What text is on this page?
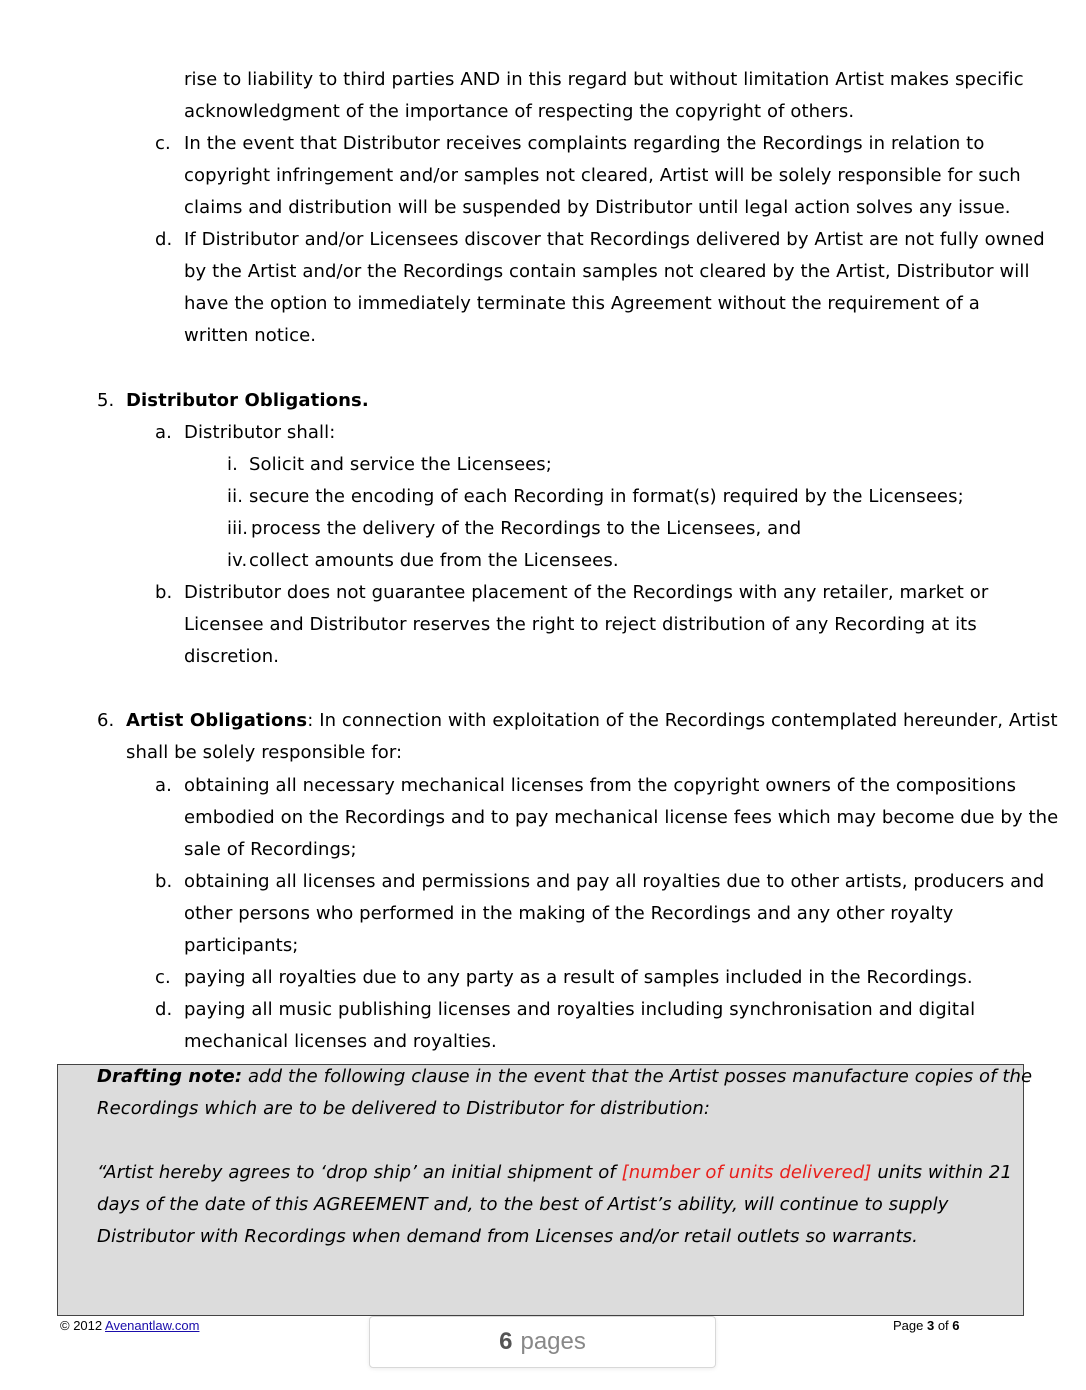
rise to liability to third parties AND in this regard but without limitation Artist makes specific
acknowledgment of the importance of respecting the copyright of others.
c. In the event that Distributor receives complaints regarding the Recordings in relation to
copyright infringement and/or samples not cleared, Artist will be solely responsible for such
claims and distribution will be suspended by Distributor until legal action solves any issue.
d. If Distributor and/or Licensees discover that Recordings delivered by Artist are not fully owned
by the Artist and/or the Recordings contain samples not cleared by the Artist, Distributor will
have the option to immediately terminate this Agreement without the requirement of a
written notice.
5. Distributor Obligations.
a. Distributor shall:
i. Solicit and service the Licensees;
ii. secure the encoding of each Recording in format(s) required by the Licensees;
iii. process the delivery of the Recordings to the Licensees, and
iv. collect amounts due from the Licensees.
b. Distributor does not guarantee placement of the Recordings with any retailer, market or
Licensee and Distributor reserves the right to reject distribution of any Recording at its
discretion.
6. Artist Obligations: In connection with exploitation of the Recordings contemplated hereunder, Artist
shall be solely responsible for:
a. obtaining all necessary mechanical licenses from the copyright owners of the compositions
embodied on the Recordings and to pay mechanical license fees which may become due by the
sale of Recordings;
b. obtaining all licenses and permissions and pay all royalties due to other artists, producers and
other persons who performed in the making of the Recordings and any other royalty
participants;
c. paying all royalties due to any party as a result of samples included in the Recordings.
d. paying all music publishing licenses and royalties including synchronisation and digital
mechanical licenses and royalties.
Drafting note: add the following clause in the event that the Artist posses manufacture copies of the
Recordings which are to be delivered to Distributor for distribution:
“Artist hereby agrees to ‘drop ship’ an initial shipment of [number of units delivered] units within 21
days of the date of this AGREEMENT and, to the best of Artist’s ability, will continue to supply
Distributor with Recordings when demand from Licenses and/or retail outlets so warrants.
© 2012 Avenantlaw.com	Page 3 of 6
6 pages
